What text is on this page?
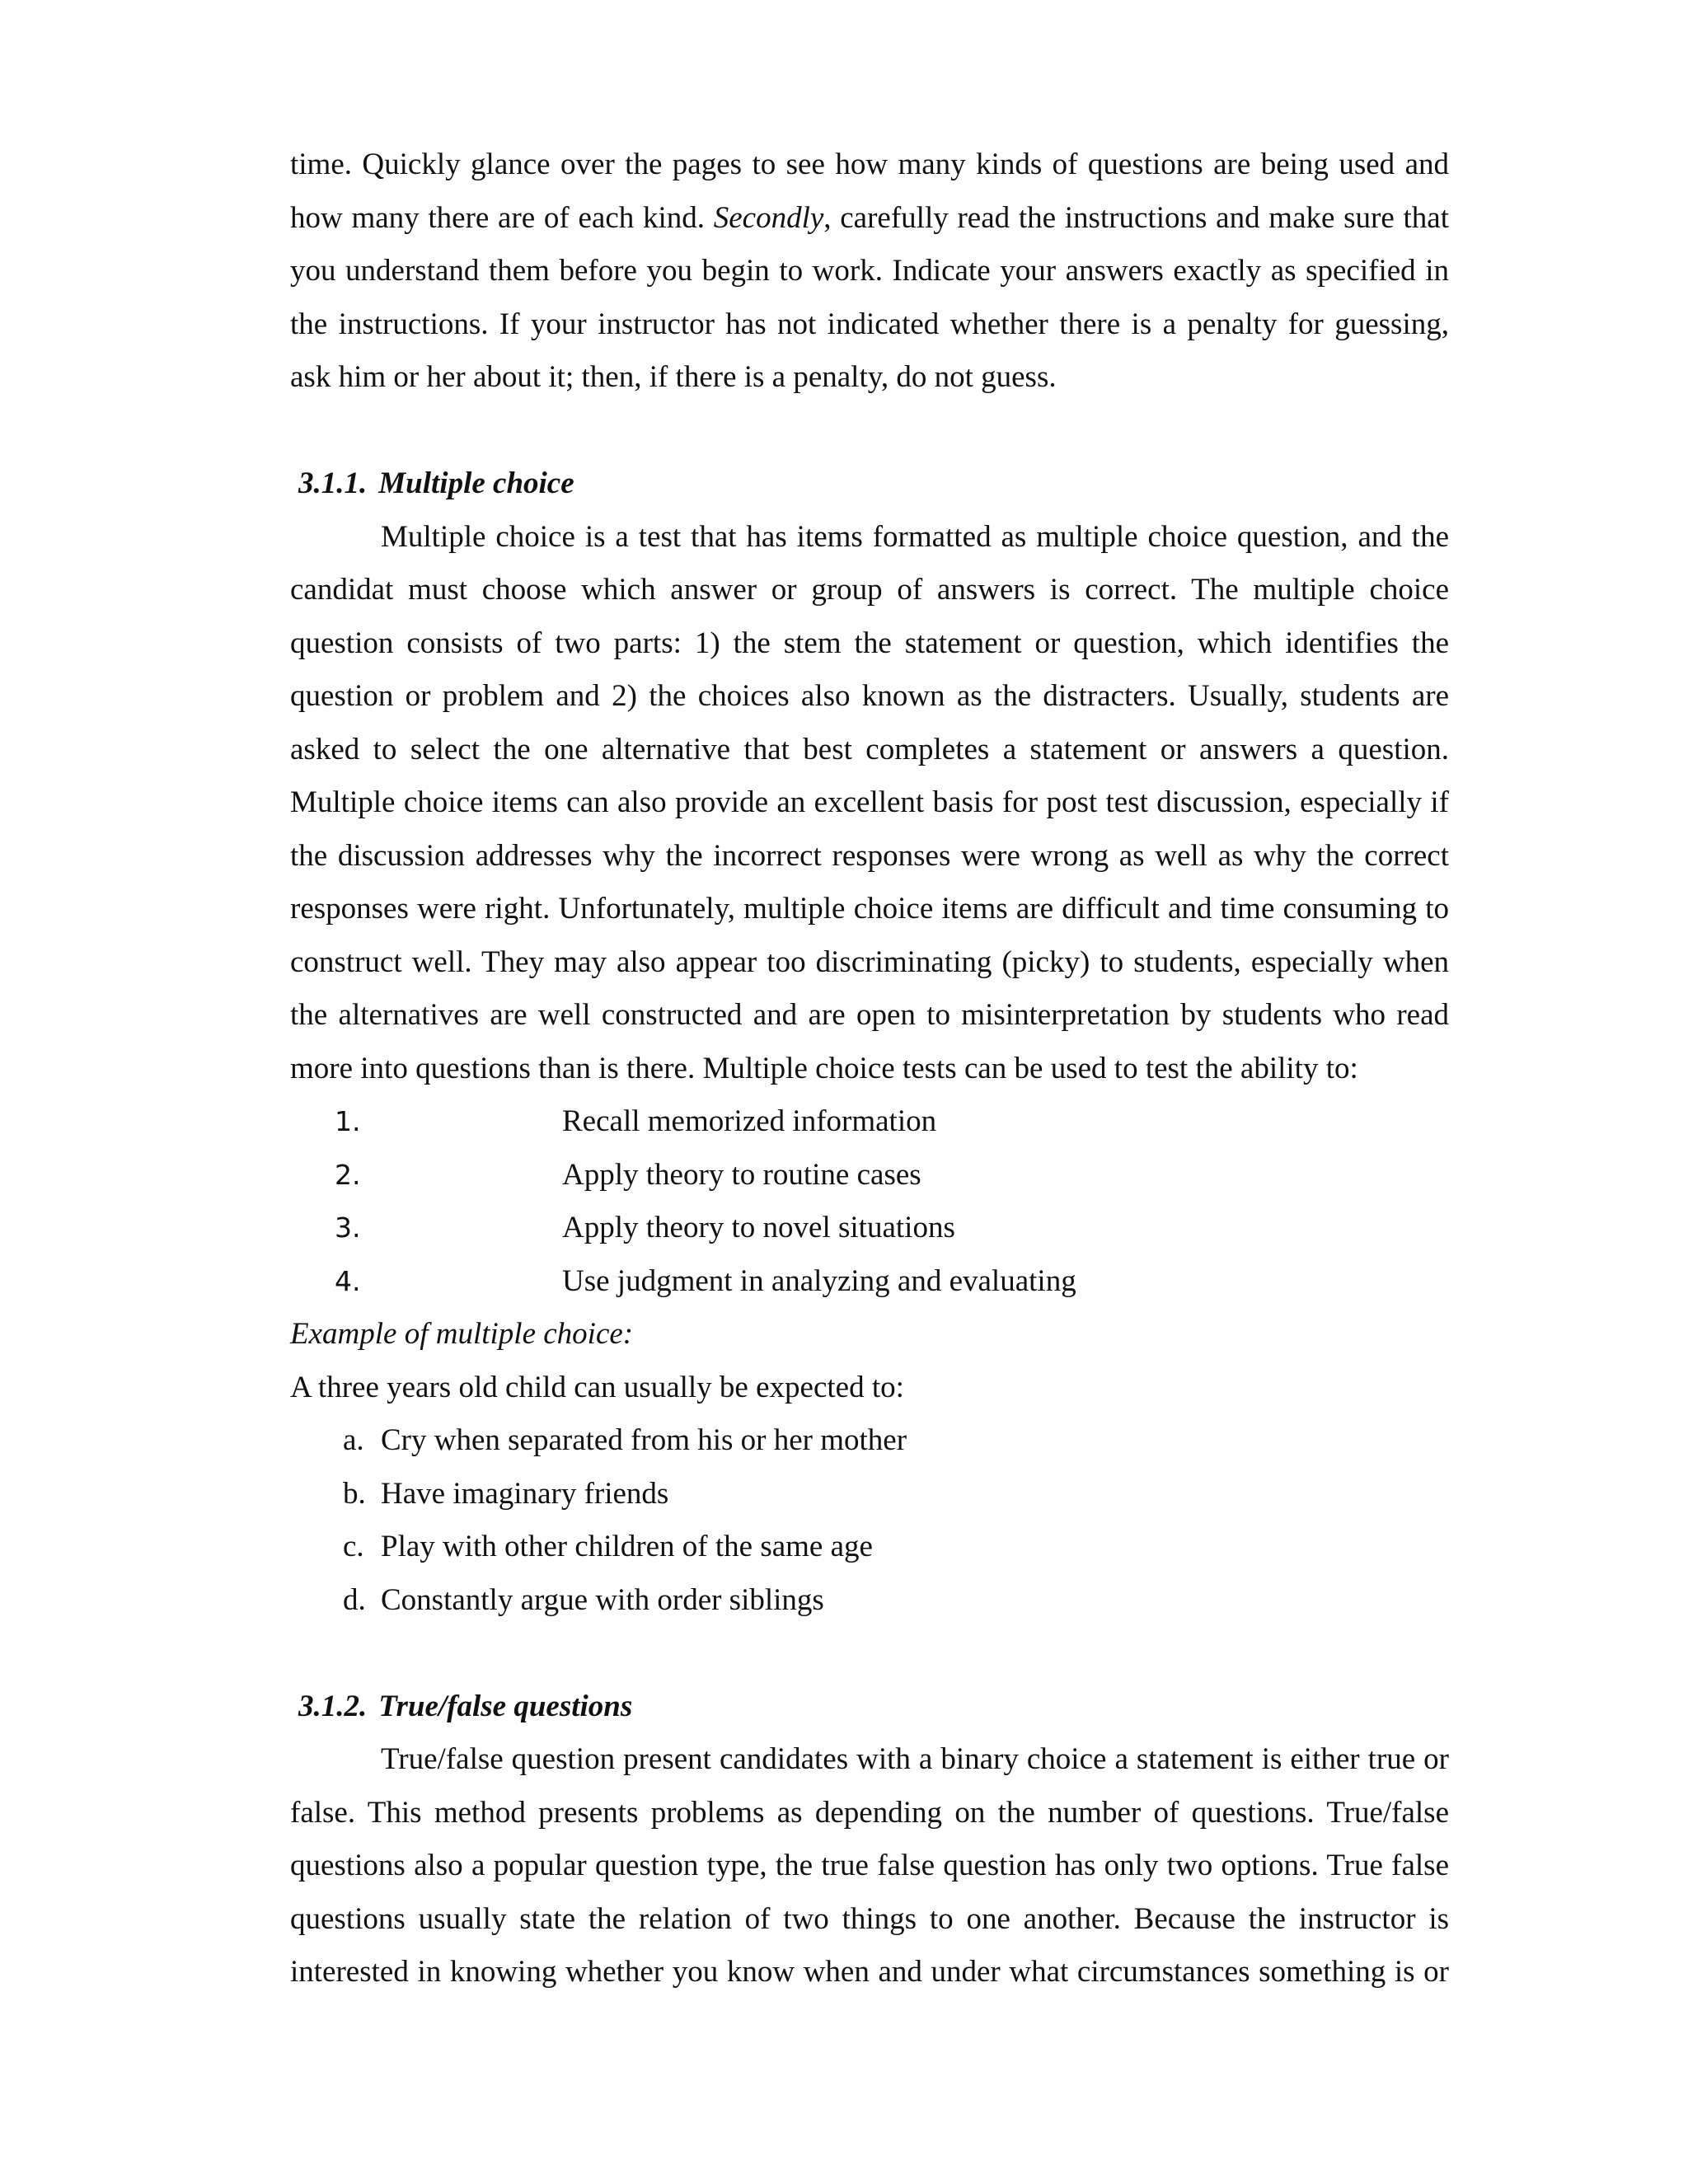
time. Quickly glance over the pages to see how many kinds of questions are being used and how many there are of each kind. Secondly, carefully read the instructions and make sure that you understand them before you begin to work. Indicate your answers exactly as specified in the instructions. If your instructor has not indicated whether there is a penalty for guessing, ask him or her about it; then, if there is a penalty, do not guess.

3.1.1. Multiple choice

Multiple choice is a test that has items formatted as multiple choice question, and the candidat must choose which answer or group of answers is correct. The multiple choice question consists of two parts: 1) the stem the statement or question, which identifies the question or problem and 2) the choices also known as the distracters. Usually, students are asked to select the one alternative that best completes a statement or answers a question. Multiple choice items can also provide an excellent basis for post test discussion, especially if the discussion addresses why the incorrect responses were wrong as well as why the correct responses were right. Unfortunately, multiple choice items are difficult and time consuming to construct well. They may also appear too discriminating (picky) to students, especially when the alternatives are well constructed and are open to misinterpretation by students who read more into questions than is there. Multiple choice tests can be used to test the ability to:

1.	Recall memorized information
2.	Apply theory to routine cases
3.	Apply theory to novel situations
4.	Use judgment in analyzing and evaluating

Example of multiple choice:

A three years old child can usually be expected to:

a. Cry when separated from his or her mother
b. Have imaginary friends
c. Play with other children of the same age
d. Constantly argue with order siblings

3.1.2. True/false questions

True/false question present candidates with a binary choice a statement is either true or false. This method presents problems as depending on the number of questions. True/false questions also a popular question type, the true false question has only two options. True false questions usually state the relation of two things to one another. Because the instructor is interested in knowing whether you know when and under what circumstances something is or
